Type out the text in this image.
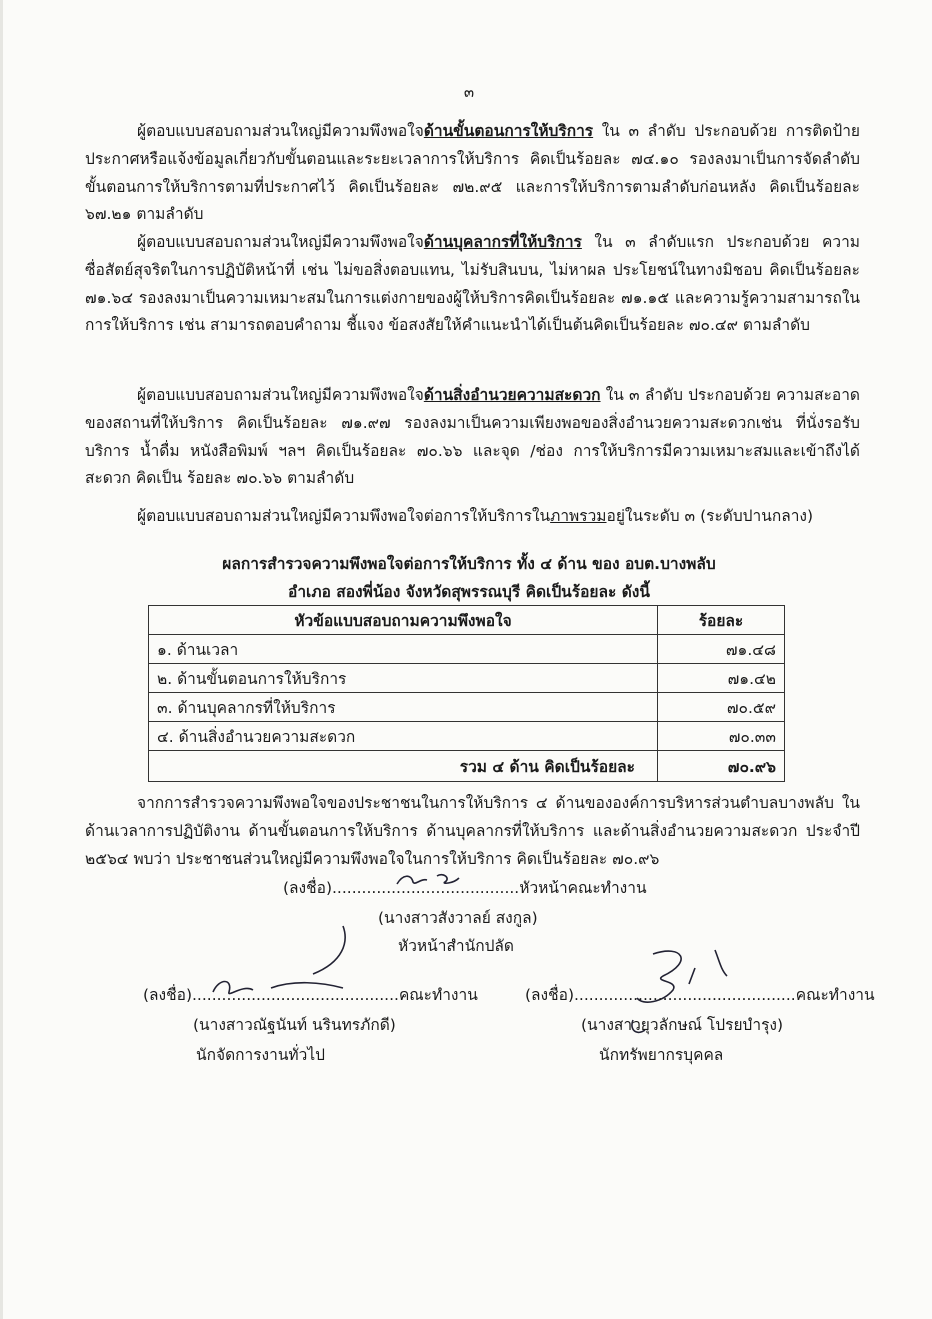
๓
ผู้ตอบแบบสอบถามส่วนใหญ่มีความพึงพอใจด้านขั้นตอนการให้บริการ ใน ๓ ลำดับ ประกอบด้วย การติดป้ายประกาศหรือแจ้งข้อมูลเกี่ยวกับขั้นตอนและระยะเวลาการให้บริการ คิดเป็นร้อยละ ๗๔.๑๐ รองลงมาเป็นการจัดลำดับขั้นตอนการให้บริการตามที่ประกาศไว้ คิดเป็นร้อยละ ๗๒.๙๕ และการให้บริการตามลำดับก่อนหลัง คิดเป็นร้อยละ ๖๗.๒๑ ตามลำดับ
ผู้ตอบแบบสอบถามส่วนใหญ่มีความพึงพอใจด้านบุคลากรที่ให้บริการ ใน ๓ ลำดับแรก ประกอบด้วย ความซื่อสัตย์สุจริตในการปฏิบัติหน้าที่ เช่น ไม่ขอสิ่งตอบแทน, ไม่รับสินบน, ไม่หาผล ประโยชน์ในทางมิชอบ คิดเป็นร้อยละ ๗๑.๖๔ รองลงมาเป็นความเหมาะสมในการแต่งกายของผู้ให้บริการคิดเป็นร้อยละ ๗๑.๑๕ และความรู้ความสามารถในการให้บริการ เช่น สามารถตอบคำถาม ชี้แจง ข้อสงสัยให้คำแนะนำได้เป็นต้นคิดเป็นร้อยละ ๗๐.๔๙ ตามลำดับ
ผู้ตอบแบบสอบถามส่วนใหญ่มีความพึงพอใจด้านสิ่งอำนวยความสะดวก ใน ๓ ลำดับ ประกอบด้วย ความสะอาดของสถานที่ให้บริการ คิดเป็นร้อยละ ๗๑.๙๗ รองลงมาเป็นความเพียงพอของสิ่งอำนวยความสะดวกเช่น ที่นั่งรอรับบริการ น้ำดื่ม หนังสือพิมพ์ ฯลฯ คิดเป็นร้อยละ ๗๐.๖๖ และจุด /ช่อง การให้บริการมีความเหมาะสมและเข้าถึงได้สะดวก คิดเป็น ร้อยละ ๗๐.๖๖ ตามลำดับ
ผู้ตอบแบบสอบถามส่วนใหญ่มีความพึงพอใจต่อการให้บริการในภาพรวมอยู่ในระดับ ๓ (ระดับปานกลาง)
ผลการสำรวจความพึงพอใจต่อการให้บริการ ทั้ง ๔ ด้าน ของ อบต.บางพลับ
อำเภอ สองพี่น้อง จังหวัดสุพรรณบุรี คิดเป็นร้อยละ ดังนี้
หัวข้อแบบสอบถามความพึงพอใจ	ร้อยละ
๑. ด้านเวลา	๗๑.๔๘
๒. ด้านขั้นตอนการให้บริการ	๗๑.๔๒
๓. ด้านบุคลากรที่ให้บริการ	๗๐.๕๙
๔. ด้านสิ่งอำนวยความสะดวก	๗๐.๓๓
รวม ๔ ด้าน คิดเป็นร้อยละ	๗๐.๙๖
จากการสำรวจความพึงพอใจของประชาชนในการให้บริการ ๔ ด้านขององค์การบริหารส่วนตำบลบางพลับ ในด้านเวลาการปฏิบัติงาน ด้านขั้นตอนการให้บริการ ด้านบุคลากรที่ให้บริการ และด้านสิ่งอำนวยความสะดวก ประจำปี ๒๕๖๔ พบว่า ประชาชนส่วนใหญ่มีความพึงพอใจในการให้บริการ คิดเป็นร้อยละ ๗๐.๙๖
(ลงชื่อ)......................................หัวหน้าคณะทำงาน
(นางสาวสังวาลย์ สงกูล)
หัวหน้าสำนักปลัด
(ลงชื่อ)..........................................คณะทำงาน
(นางสาวณัฐนันท์ นรินทรภักดี)
นักจัดการงานทั่วไป
(ลงชื่อ).............................................คณะทำงาน
(นางสาวยุวลักษณ์ โปรยบำรุง)
นักทรัพยากรบุคคล
